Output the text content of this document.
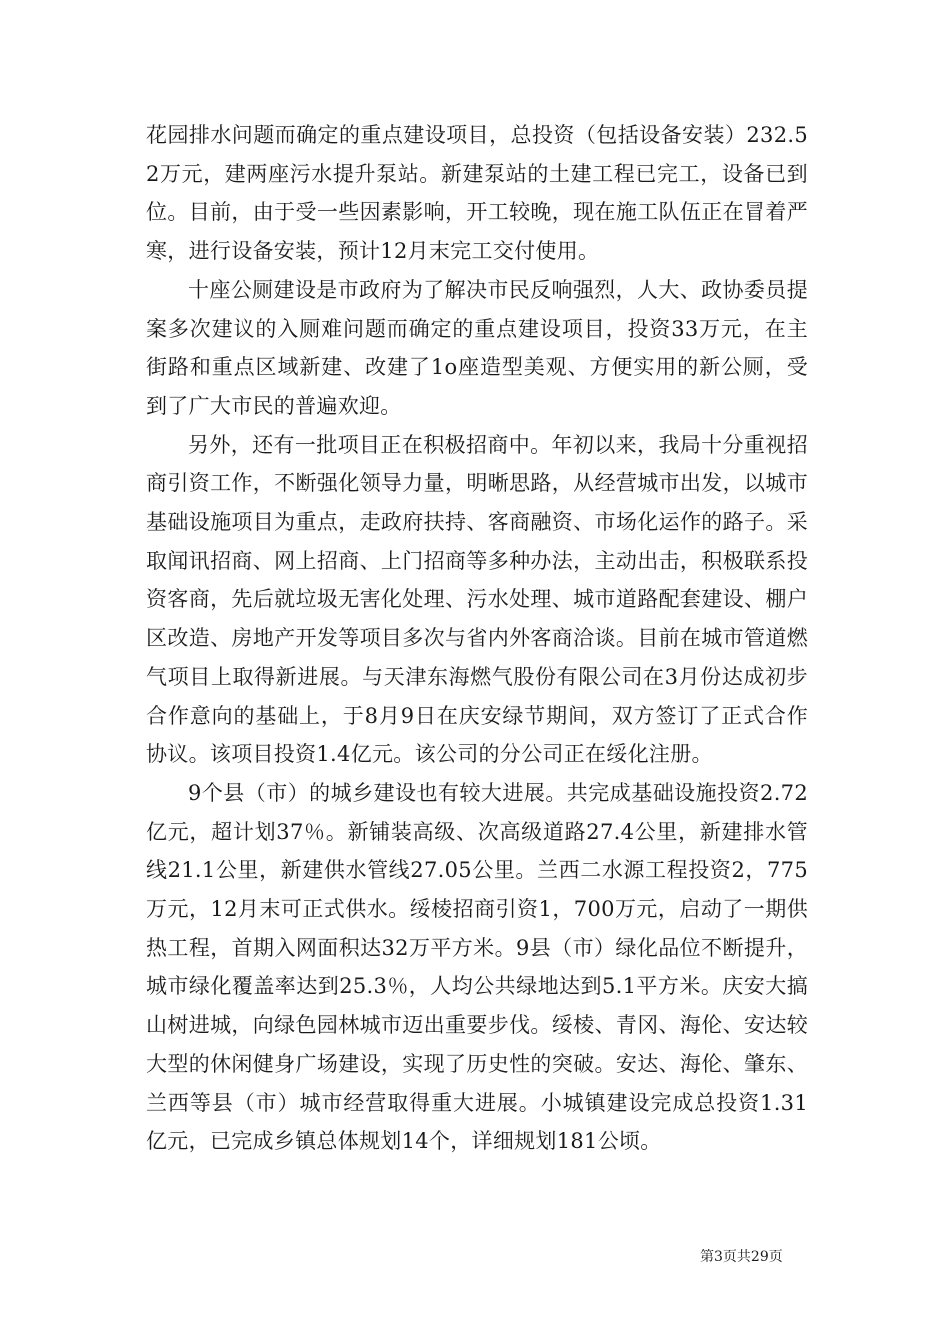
花园排水问题而确定的重点建设项目，总投资（包括设备安装）232.52万元，建两座污水提升泵站。新建泵站的土建工程已完工，设备已到位。目前，由于受一些因素影响，开工较晚，现在施工队伍正在冒着严寒，进行设备安装，预计12月末完工交付使用。

十座公厕建设是市政府为了解决市民反响强烈，人大、政协委员提案多次建议的入厕难问题而确定的重点建设项目，投资33万元，在主街路和重点区域新建、改建了1o座造型美观、方便实用的新公厕，受到了广大市民的普遍欢迎。

另外，还有一批项目正在积极招商中。年初以来，我局十分重视招商引资工作，不断强化领导力量，明晰思路，从经营城市出发，以城市基础设施项目为重点，走政府扶持、客商融资、市场化运作的路子。采取闻讯招商、网上招商、上门招商等多种办法，主动出击，积极联系投资客商，先后就垃圾无害化处理、污水处理、城市道路配套建设、棚户区改造、房地产开发等项目多次与省内外客商洽谈。目前在城市管道燃气项目上取得新进展。与天津东海燃气股份有限公司在3月份达成初步合作意向的基础上，于8月9日在庆安绿节期间，双方签订了正式合作协议。该项目投资1.4亿元。该公司的分公司正在绥化注册。

9个县（市）的城乡建设也有较大进展。共完成基础设施投资2.72亿元，超计划37％。新铺装高级、次高级道路27.4公里，新建排水管线21.1公里，新建供水管线27.05公里。兰西二水源工程投资2，775万元，12月末可正式供水。绥棱招商引资1，700万元，启动了一期供热工程，首期入网面积达32万平方米。9县（市）绿化品位不断提升，城市绿化覆盖率达到25.3％，人均公共绿地达到5.1平方米。庆安大搞山树进城，向绿色园林城市迈出重要步伐。绥棱、青冈、海伦、安达较大型的休闲健身广场建设，实现了历史性的突破。安达、海伦、肇东、兰西等县（市）城市经营取得重大进展。小城镇建设完成总投资1.31亿元，已完成乡镇总体规划14个，详细规划181公顷。

第3页共29页
